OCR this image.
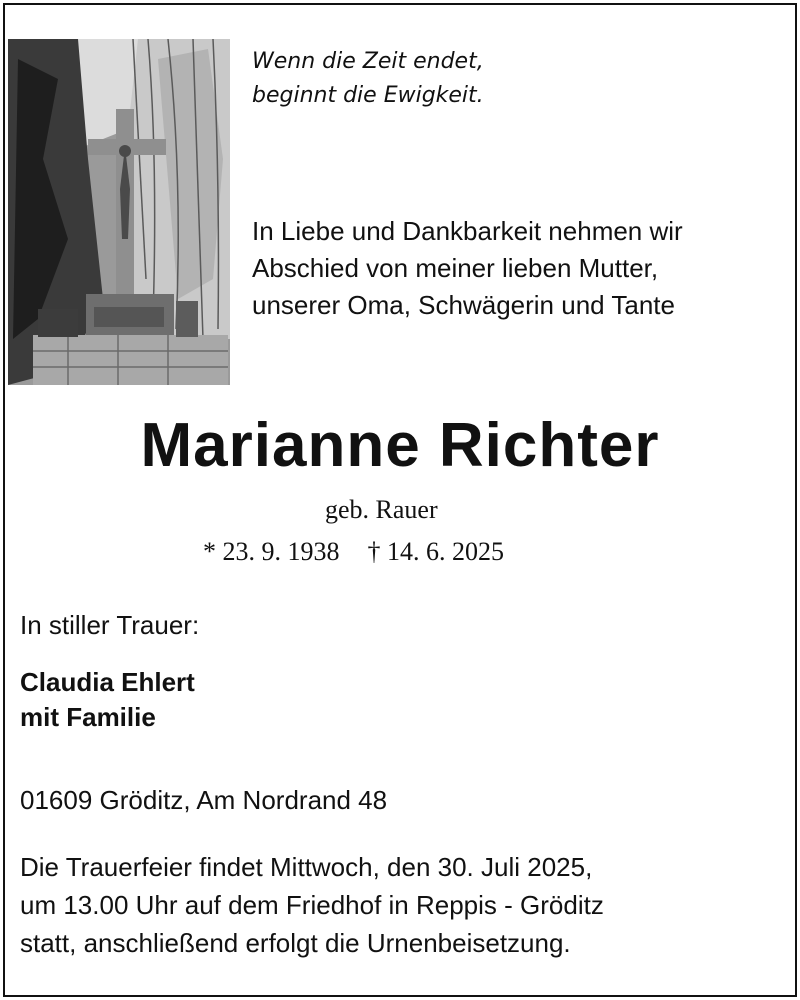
Wenn die Zeit endet,
beginnt die Ewigkeit.
In Liebe und Dankbarkeit nehmen wir
Abschied von meiner lieben Mutter,
unserer Oma, Schwägerin und Tante
Marianne Richter
geb. Rauer
* 23. 9. 1938 † 14. 6. 2025
In stiller Trauer:
Claudia Ehlert
mit Familie
01609 Gröditz, Am Nordrand 48
Die Trauerfeier findet Mittwoch, den 30. Juli 2025,
um 13.00 Uhr auf dem Friedhof in Reppis - Gröditz
statt, anschließend erfolgt die Urnenbeisetzung.
